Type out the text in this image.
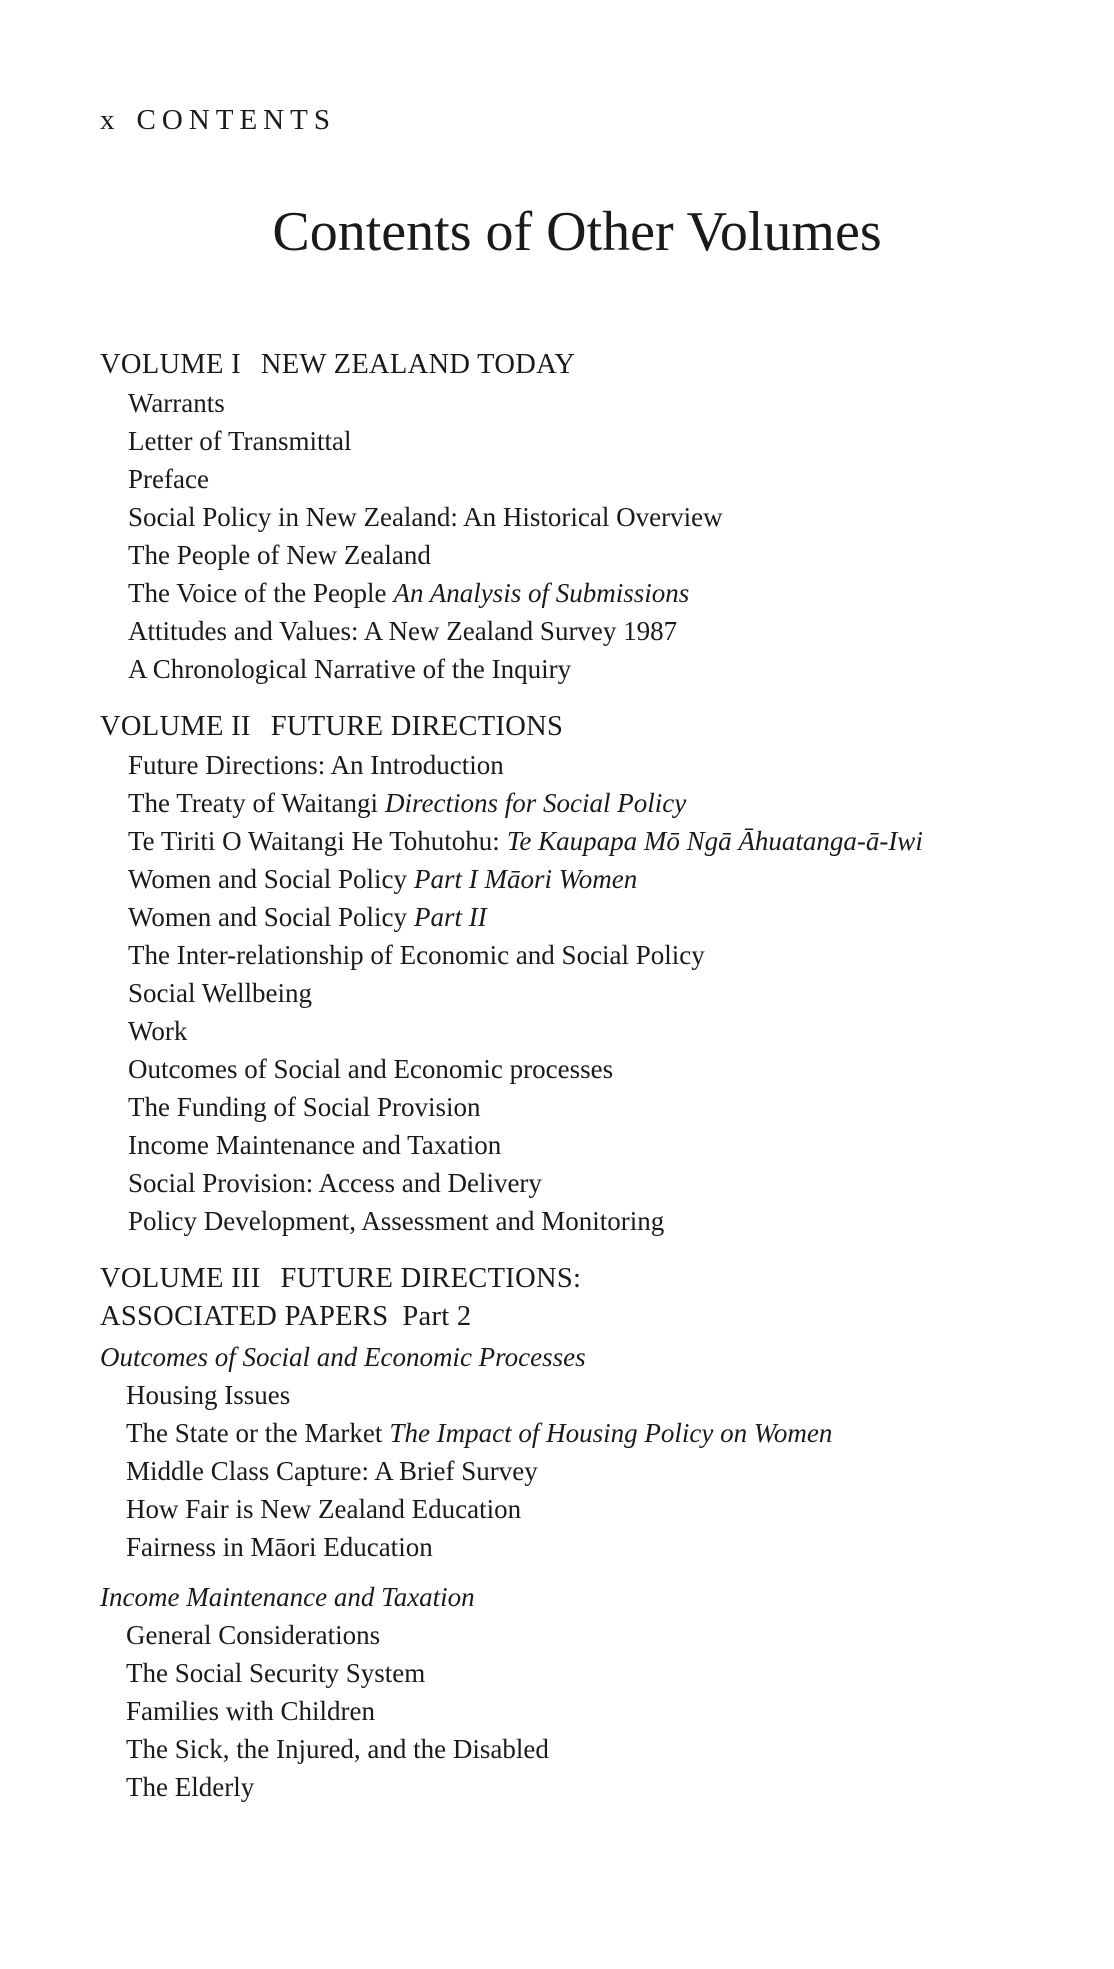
x CONTENTS
Contents of Other Volumes
VOLUME I NEW ZEALAND TODAY
Warrants
Letter of Transmittal
Preface
Social Policy in New Zealand: An Historical Overview
The People of New Zealand
The Voice of the People An Analysis of Submissions
Attitudes and Values: A New Zealand Survey 1987
A Chronological Narrative of the Inquiry
VOLUME II FUTURE DIRECTIONS
Future Directions: An Introduction
The Treaty of Waitangi Directions for Social Policy
Te Tiriti O Waitangi He Tohutohu: Te Kaupapa Mō Ngā Āhuatanga-ā-Iwi
Women and Social Policy Part I Māori Women
Women and Social Policy Part II
The Inter-relationship of Economic and Social Policy
Social Wellbeing
Work
Outcomes of Social and Economic processes
The Funding of Social Provision
Income Maintenance and Taxation
Social Provision: Access and Delivery
Policy Development, Assessment and Monitoring
VOLUME III FUTURE DIRECTIONS:
ASSOCIATED PAPERS Part 2
Outcomes of Social and Economic Processes
Housing Issues
The State or the Market The Impact of Housing Policy on Women
Middle Class Capture: A Brief Survey
How Fair is New Zealand Education
Fairness in Māori Education
Income Maintenance and Taxation
General Considerations
The Social Security System
Families with Children
The Sick, the Injured, and the Disabled
The Elderly
